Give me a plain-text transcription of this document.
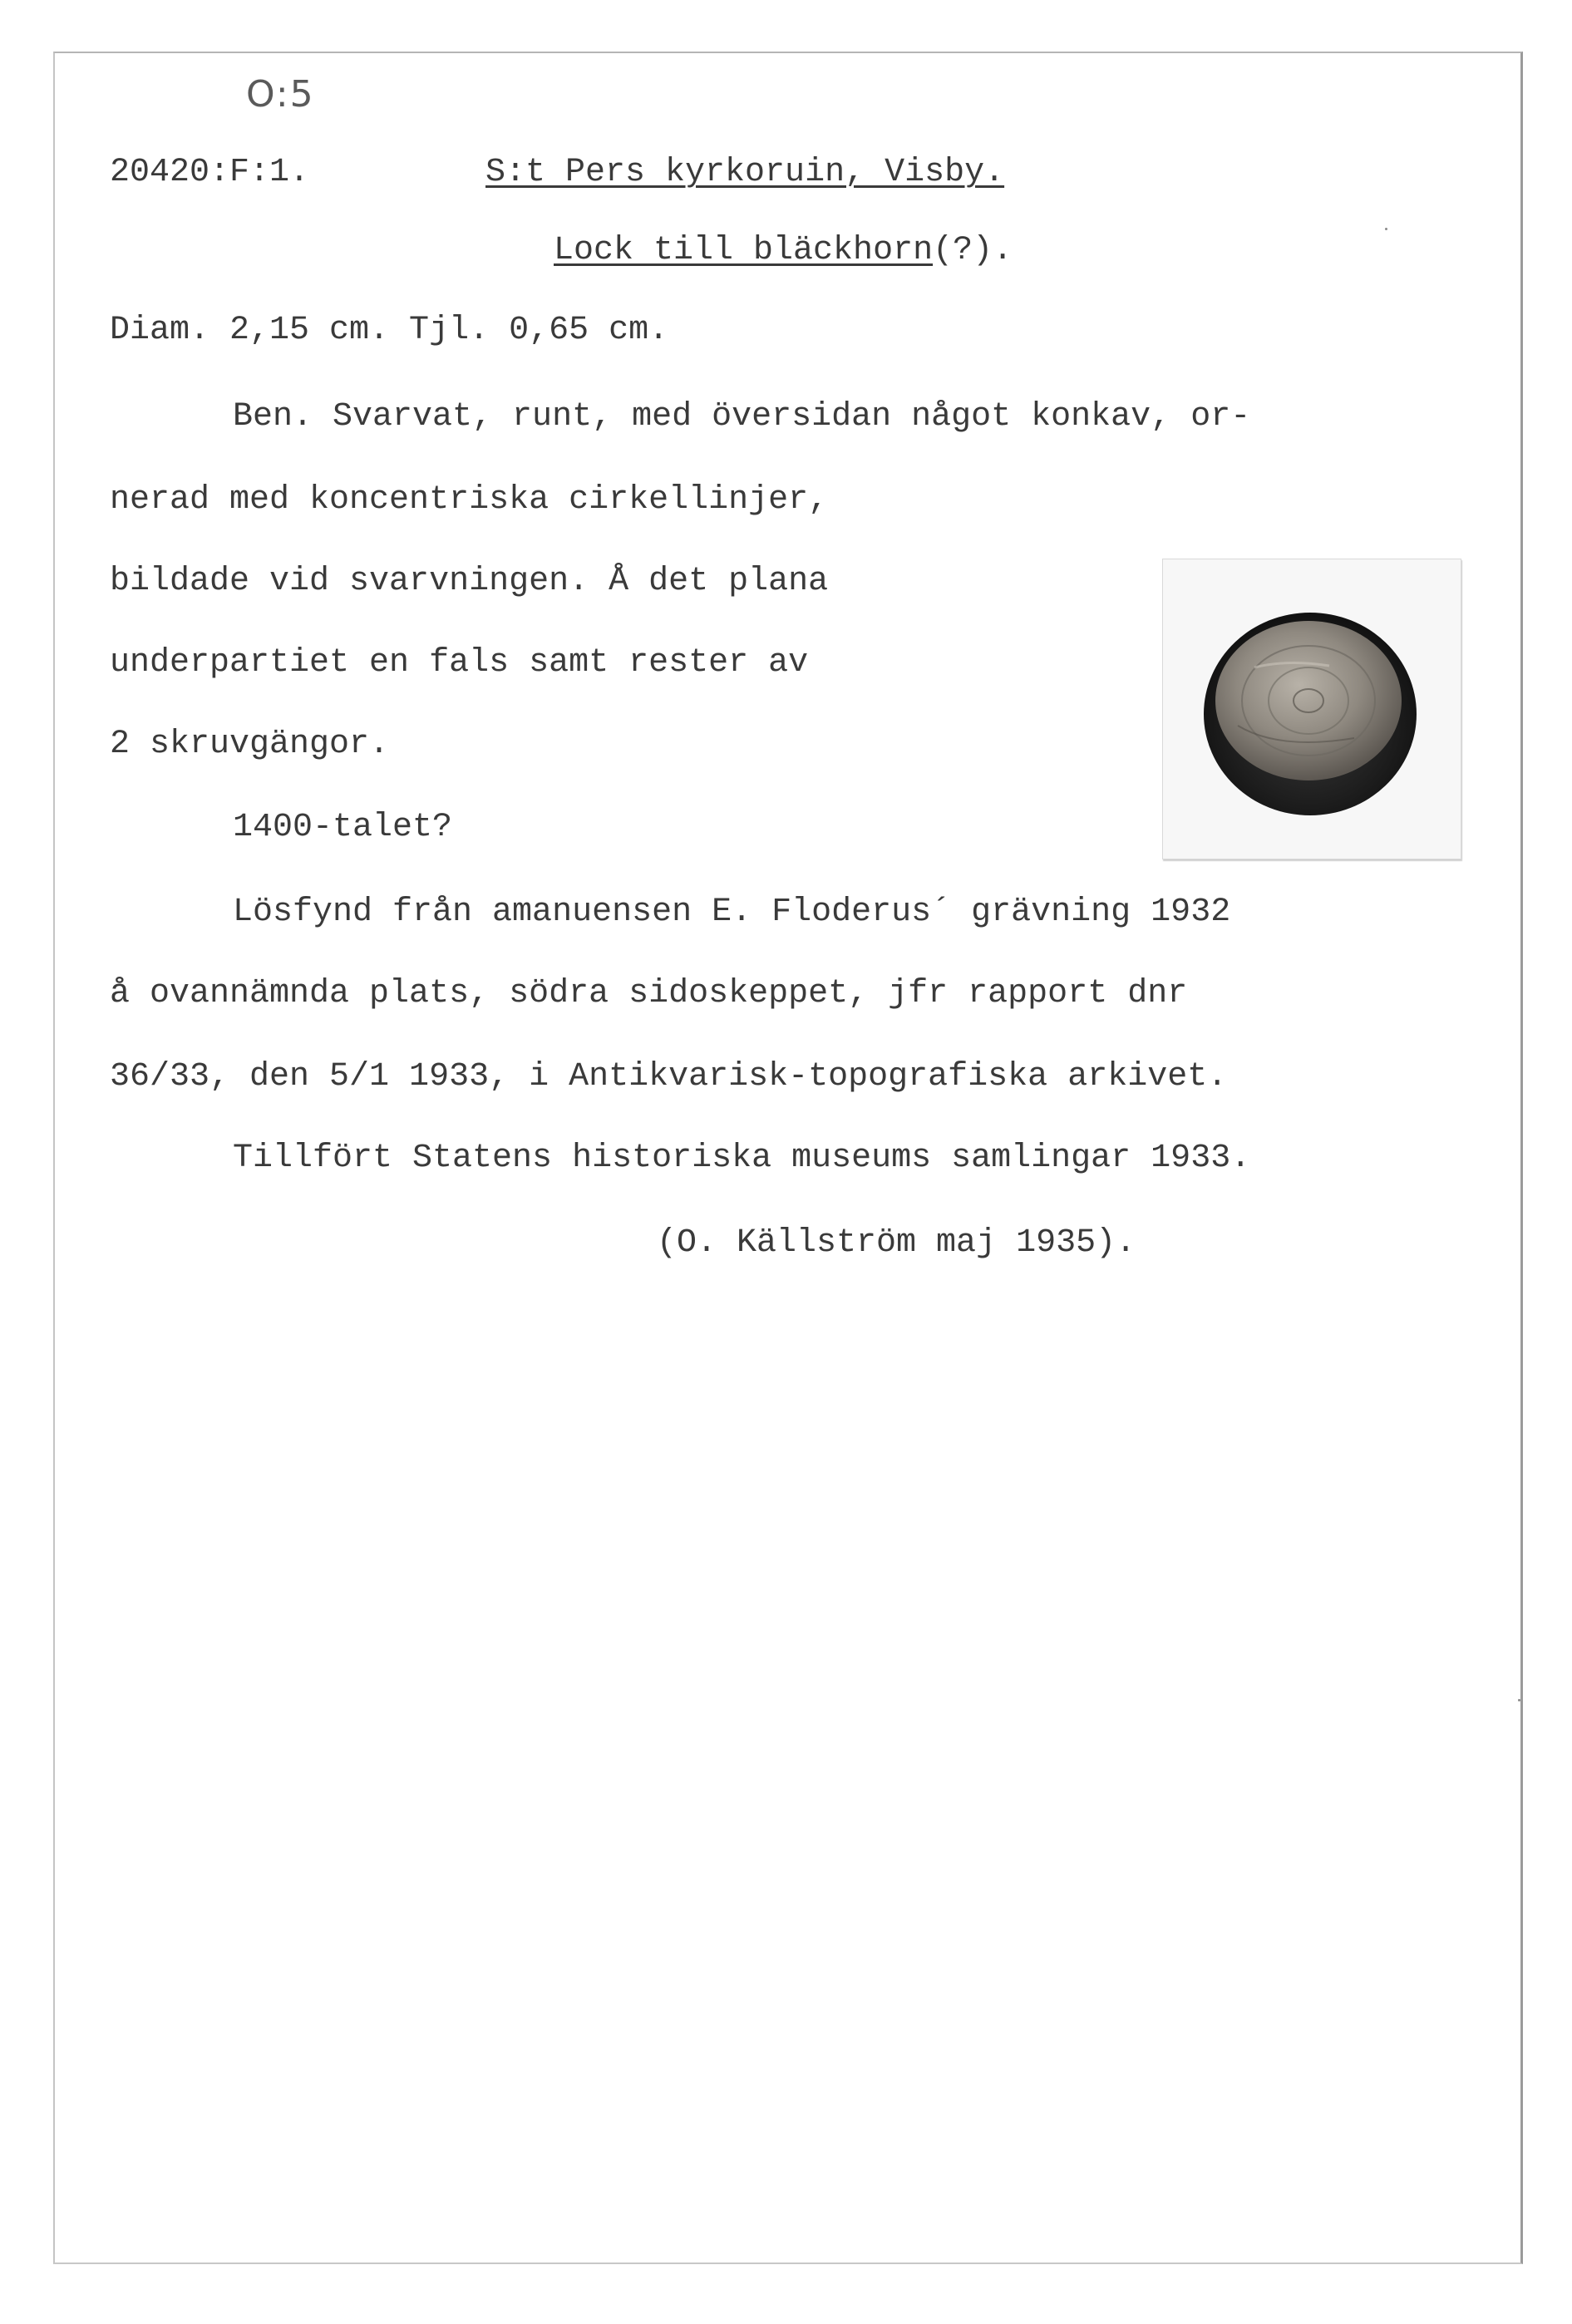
O:5
20420:F:1.	S:t Pers kyrkoruin, Visby.
Lock till bläckhorn(?).
Diam. 2,15 cm. Tjl. 0,65 cm.
Ben. Svarvat, runt, med översidan något konkav, or-
nerad med koncentriska cirkellinjer,
bildade vid svarvningen. Å det plana
underpartiet en fals samt rester av
2 skruvgängor.
1400-talet?
Lösfynd från amanuensen E. Floderus´ grävning 1932
å ovannämnda plats, södra sidoskeppet, jfr rapport dnr
36/33, den 5/1 1933, i Antikvarisk-topografiska arkivet.
Tillfört Statens historiska museums samlingar 1933.
(O. Källström maj 1935).
